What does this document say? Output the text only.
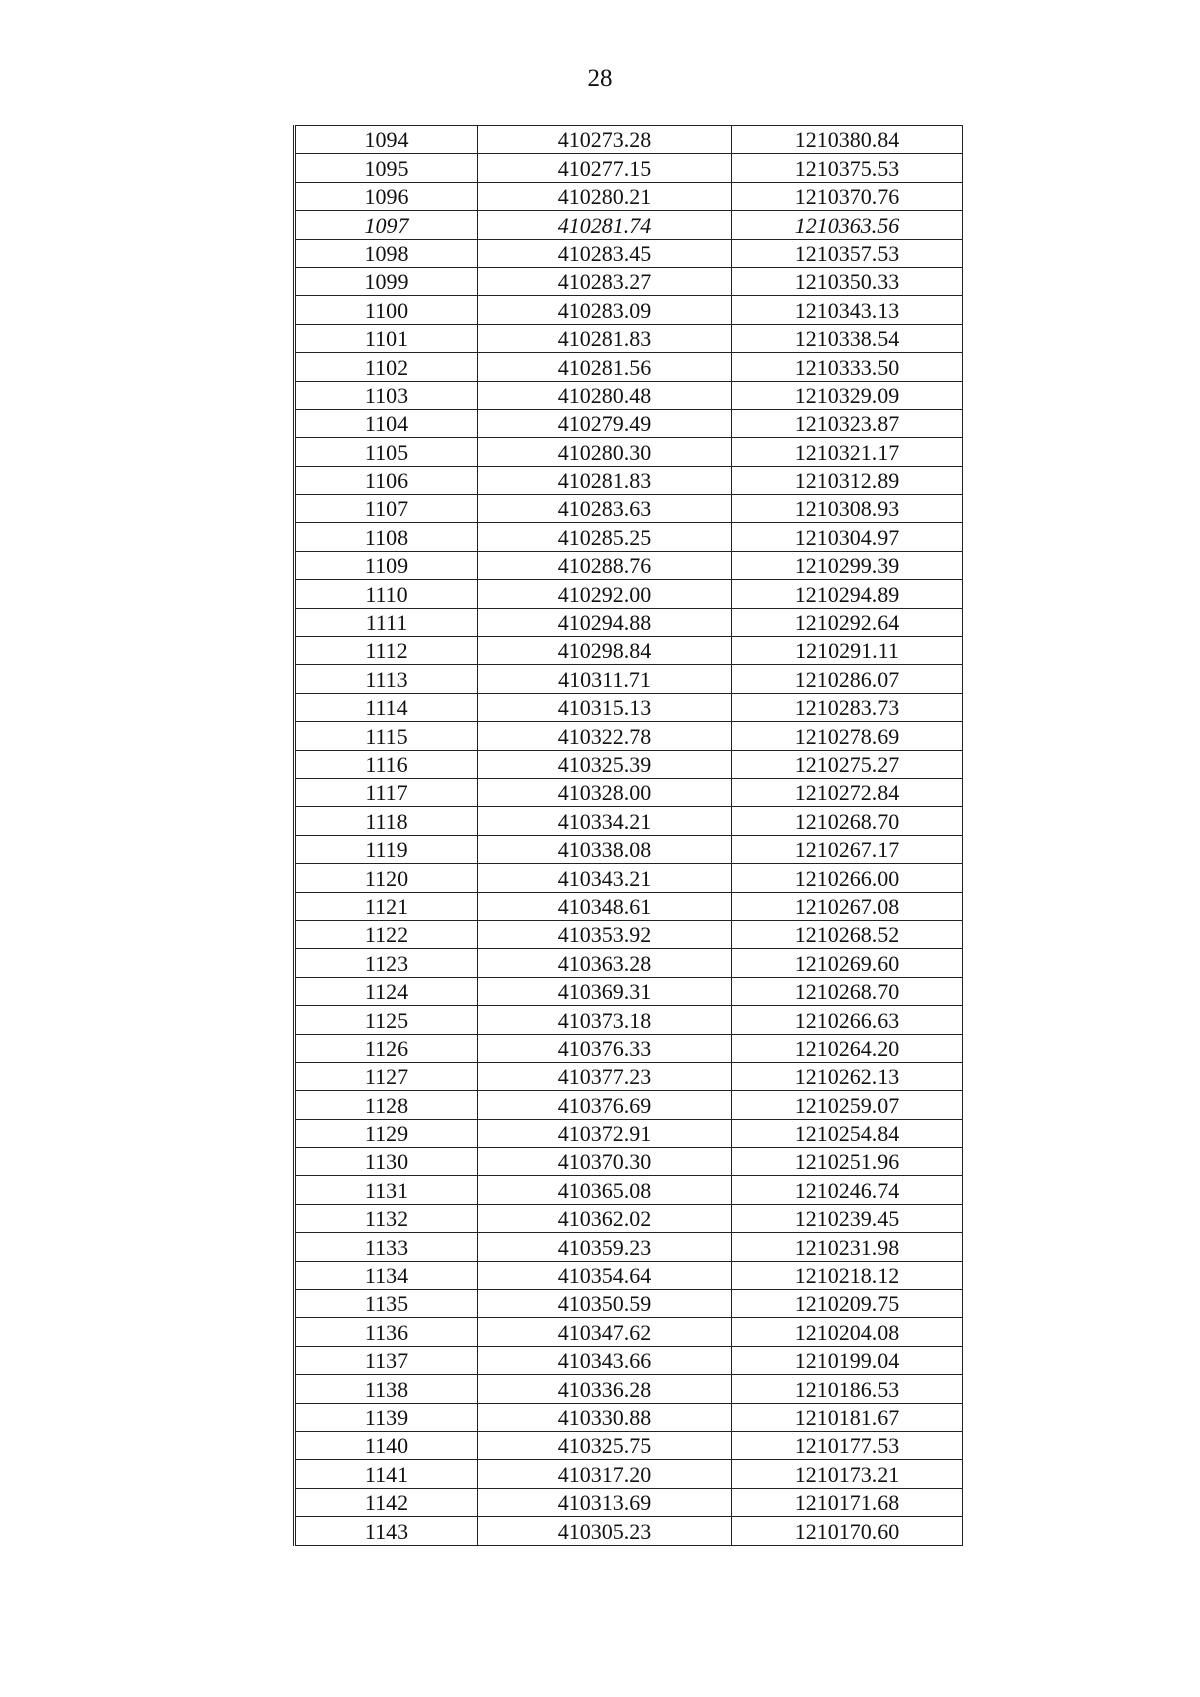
28
1094	410273.28	1210380.84
1095	410277.15	1210375.53
1096	410280.21	1210370.76
1097	410281.74	1210363.56
1098	410283.45	1210357.53
1099	410283.27	1210350.33
1100	410283.09	1210343.13
1101	410281.83	1210338.54
1102	410281.56	1210333.50
1103	410280.48	1210329.09
1104	410279.49	1210323.87
1105	410280.30	1210321.17
1106	410281.83	1210312.89
1107	410283.63	1210308.93
1108	410285.25	1210304.97
1109	410288.76	1210299.39
1110	410292.00	1210294.89
1111	410294.88	1210292.64
1112	410298.84	1210291.11
1113	410311.71	1210286.07
1114	410315.13	1210283.73
1115	410322.78	1210278.69
1116	410325.39	1210275.27
1117	410328.00	1210272.84
1118	410334.21	1210268.70
1119	410338.08	1210267.17
1120	410343.21	1210266.00
1121	410348.61	1210267.08
1122	410353.92	1210268.52
1123	410363.28	1210269.60
1124	410369.31	1210268.70
1125	410373.18	1210266.63
1126	410376.33	1210264.20
1127	410377.23	1210262.13
1128	410376.69	1210259.07
1129	410372.91	1210254.84
1130	410370.30	1210251.96
1131	410365.08	1210246.74
1132	410362.02	1210239.45
1133	410359.23	1210231.98
1134	410354.64	1210218.12
1135	410350.59	1210209.75
1136	410347.62	1210204.08
1137	410343.66	1210199.04
1138	410336.28	1210186.53
1139	410330.88	1210181.67
1140	410325.75	1210177.53
1141	410317.20	1210173.21
1142	410313.69	1210171.68
1143	410305.23	1210170.60
